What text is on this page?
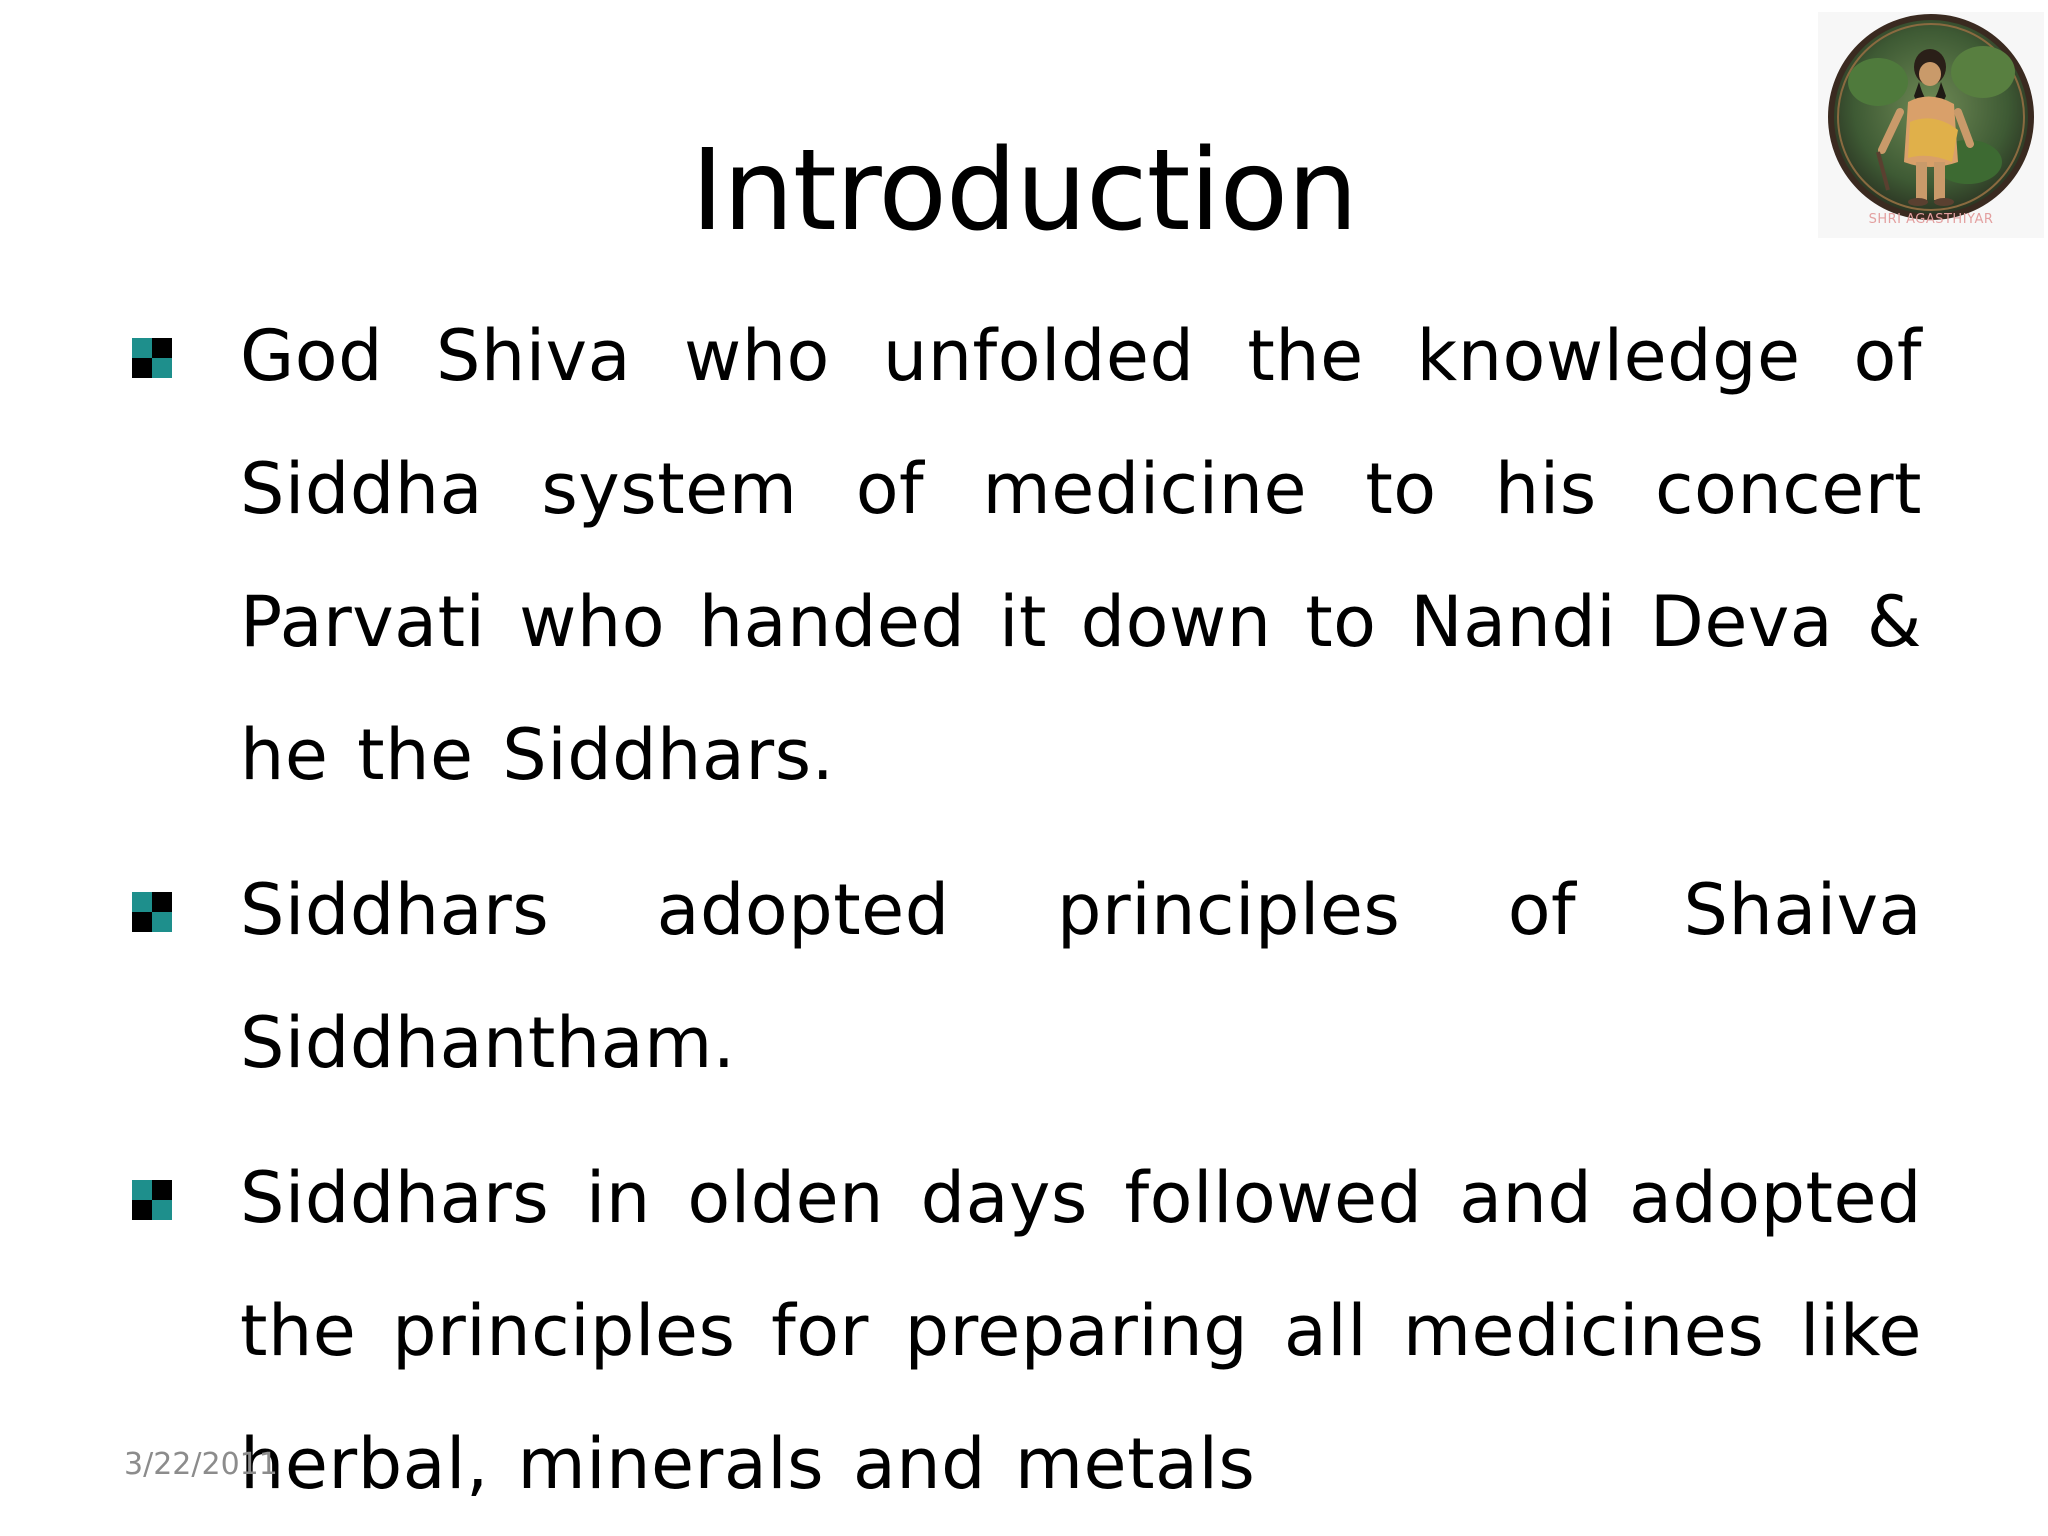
Introduction	SHRI AGASTHIYAR
God Shiva who unfolded the knowledge of Siddha system of medicine to his concert Parvati who handed it down to Nandi Deva & he the Siddhars.
Siddhars adopted principles of Shaiva Siddhantham.
Siddhars in olden days followed and adopted the principles for preparing all medicines like herbal, minerals and metals
3/22/2011
